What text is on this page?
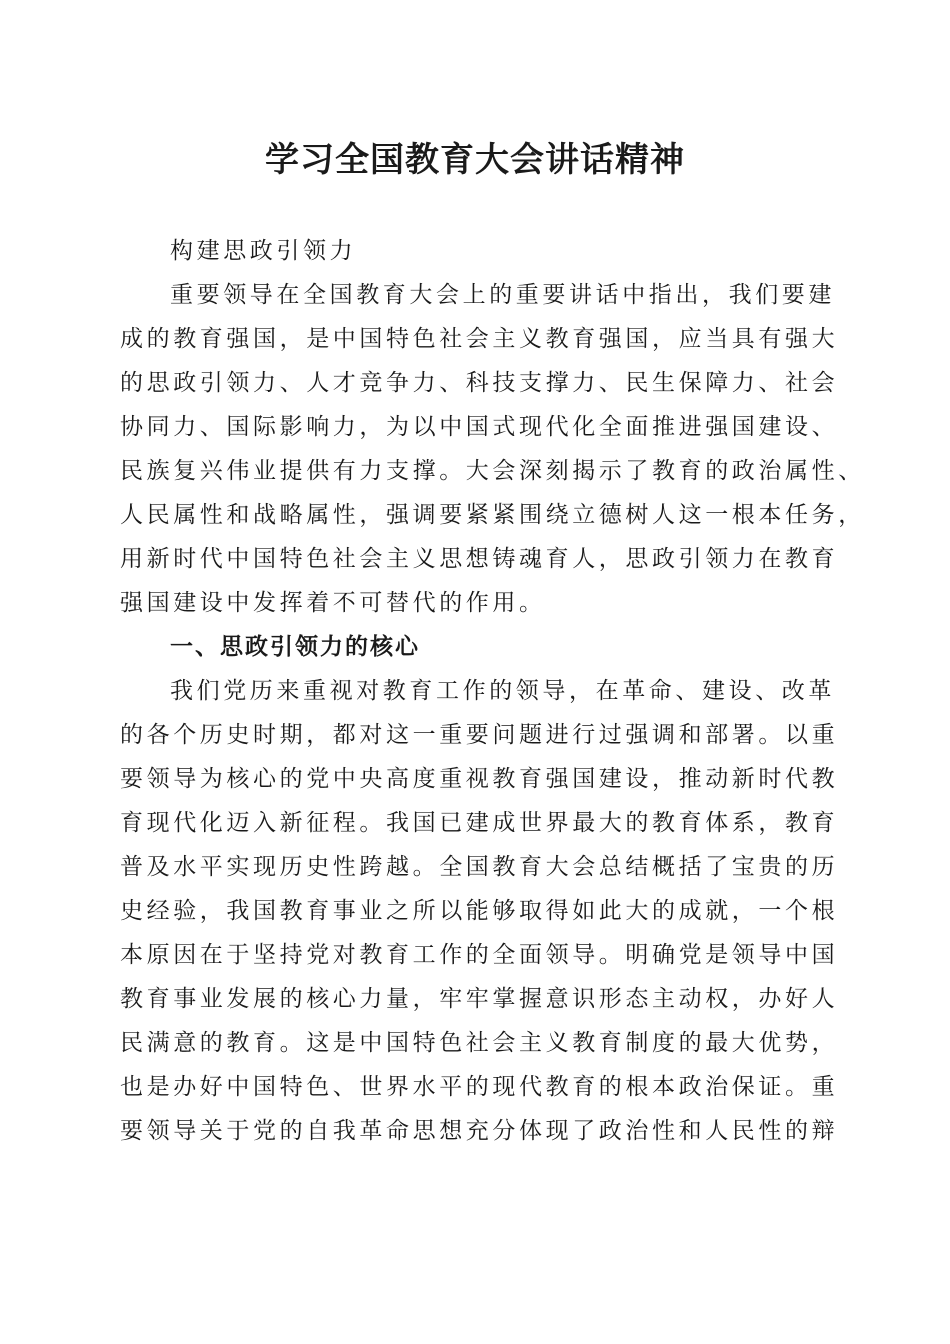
学习全国教育大会讲话精神

构建思政引领力

重要领导在全国教育大会上的重要讲话中指出，我们要建

成的教育强国，是中国特色社会主义教育强国，应当具有强大

的思政引领力、人才竞争力、科技支撑力、民生保障力、社会

协同力、国际影响力，为以中国式现代化全面推进强国建设、

民族复兴伟业提供有力支撑。大会深刻揭示了教育的政治属性、

人民属性和战略属性，强调要紧紧围绕立德树人这一根本任务，

用新时代中国特色社会主义思想铸魂育人，思政引领力在教育

强国建设中发挥着不可替代的作用。

一、思政引领力的核心

我们党历来重视对教育工作的领导，在革命、建设、改革

的各个历史时期，都对这一重要问题进行过强调和部署。以重

要领导为核心的党中央高度重视教育强国建设，推动新时代教

育现代化迈入新征程。我国已建成世界最大的教育体系，教育

普及水平实现历史性跨越。全国教育大会总结概括了宝贵的历

史经验，我国教育事业之所以能够取得如此大的成就，一个根

本原因在于坚持党对教育工作的全面领导。明确党是领导中国

教育事业发展的核心力量，牢牢掌握意识形态主动权，办好人

民满意的教育。这是中国特色社会主义教育制度的最大优势，

也是办好中国特色、世界水平的现代教育的根本政治保证。重

要领导关于党的自我革命思想充分体现了政治性和人民性的辩
